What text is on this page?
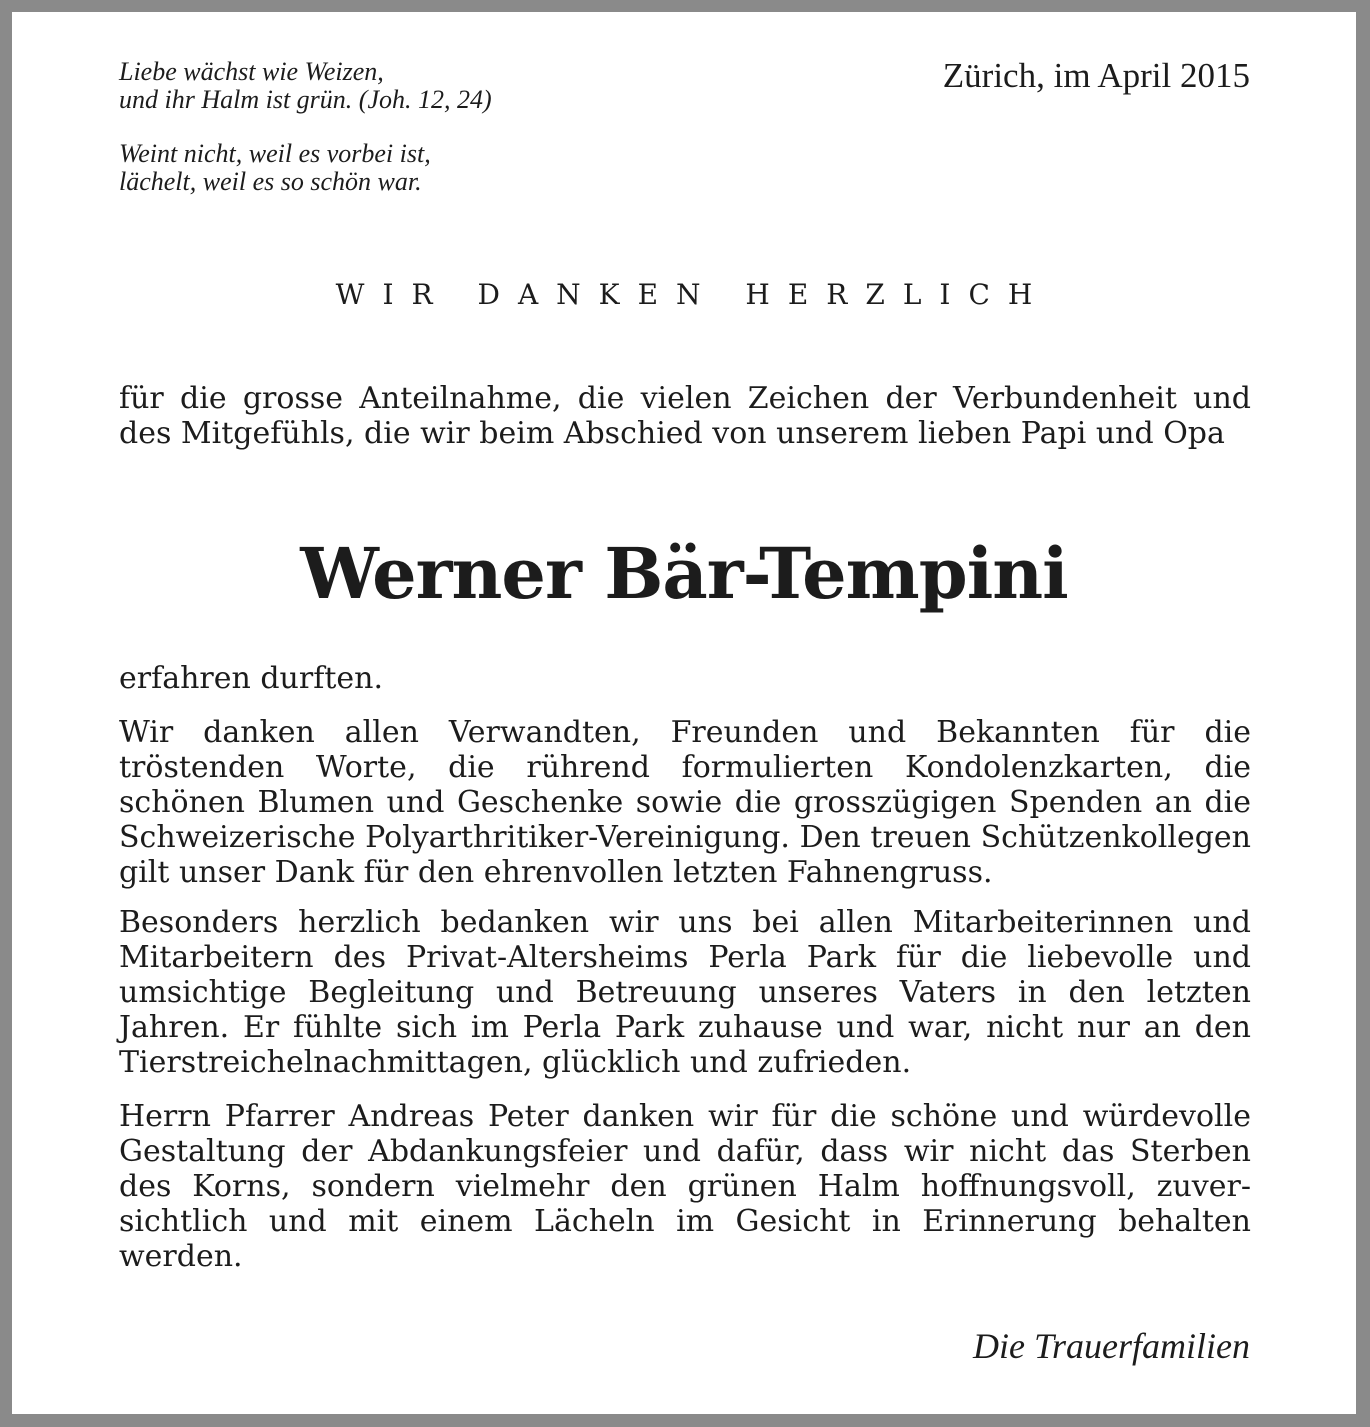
Liebe wächst wie Weizen,
und ihr Halm ist grün. (Joh. 12, 24)
Weint nicht, weil es vorbei ist,
lächelt, weil es so schön war.
Zürich, im April 2015
WIR DANKEN HERZLICH
für die grosse Anteilnahme, die vielen Zeichen der Verbundenheit und des Mitgefühls, die wir beim Abschied von unserem lieben Papi und Opa
Werner Bär-Tempini
erfahren durften.
Wir danken allen Verwandten, Freunden und Bekannten für die tröstenden Worte, die rührend formulierten Kondolenzkarten, die schönen Blumen und Geschenke sowie die grosszügigen Spenden an die Schweizerische Polyarthritiker-Vereinigung. Den treuen Schützenkollegen gilt unser Dank für den ehrenvollen letzten Fahnengruss.
Besonders herzlich bedanken wir uns bei allen Mitarbeiterinnen und Mitarbeitern des Privat-Altersheims Perla Park für die liebevolle und umsichtige Begleitung und Betreuung unseres Vaters in den letzten Jahren. Er fühlte sich im Perla Park zuhause und war, nicht nur an den Tierstreichelnachmittagen, glücklich und zufrieden.
Herrn Pfarrer Andreas Peter danken wir für die schöne und würdevolle Gestaltung der Abdankungsfeier und dafür, dass wir nicht das Sterben des Korns, sondern vielmehr den grünen Halm hoffnungsvoll, zuversichtlich und mit einem Lächeln im Gesicht in Erinnerung behalten werden.
Die Trauerfamilien
